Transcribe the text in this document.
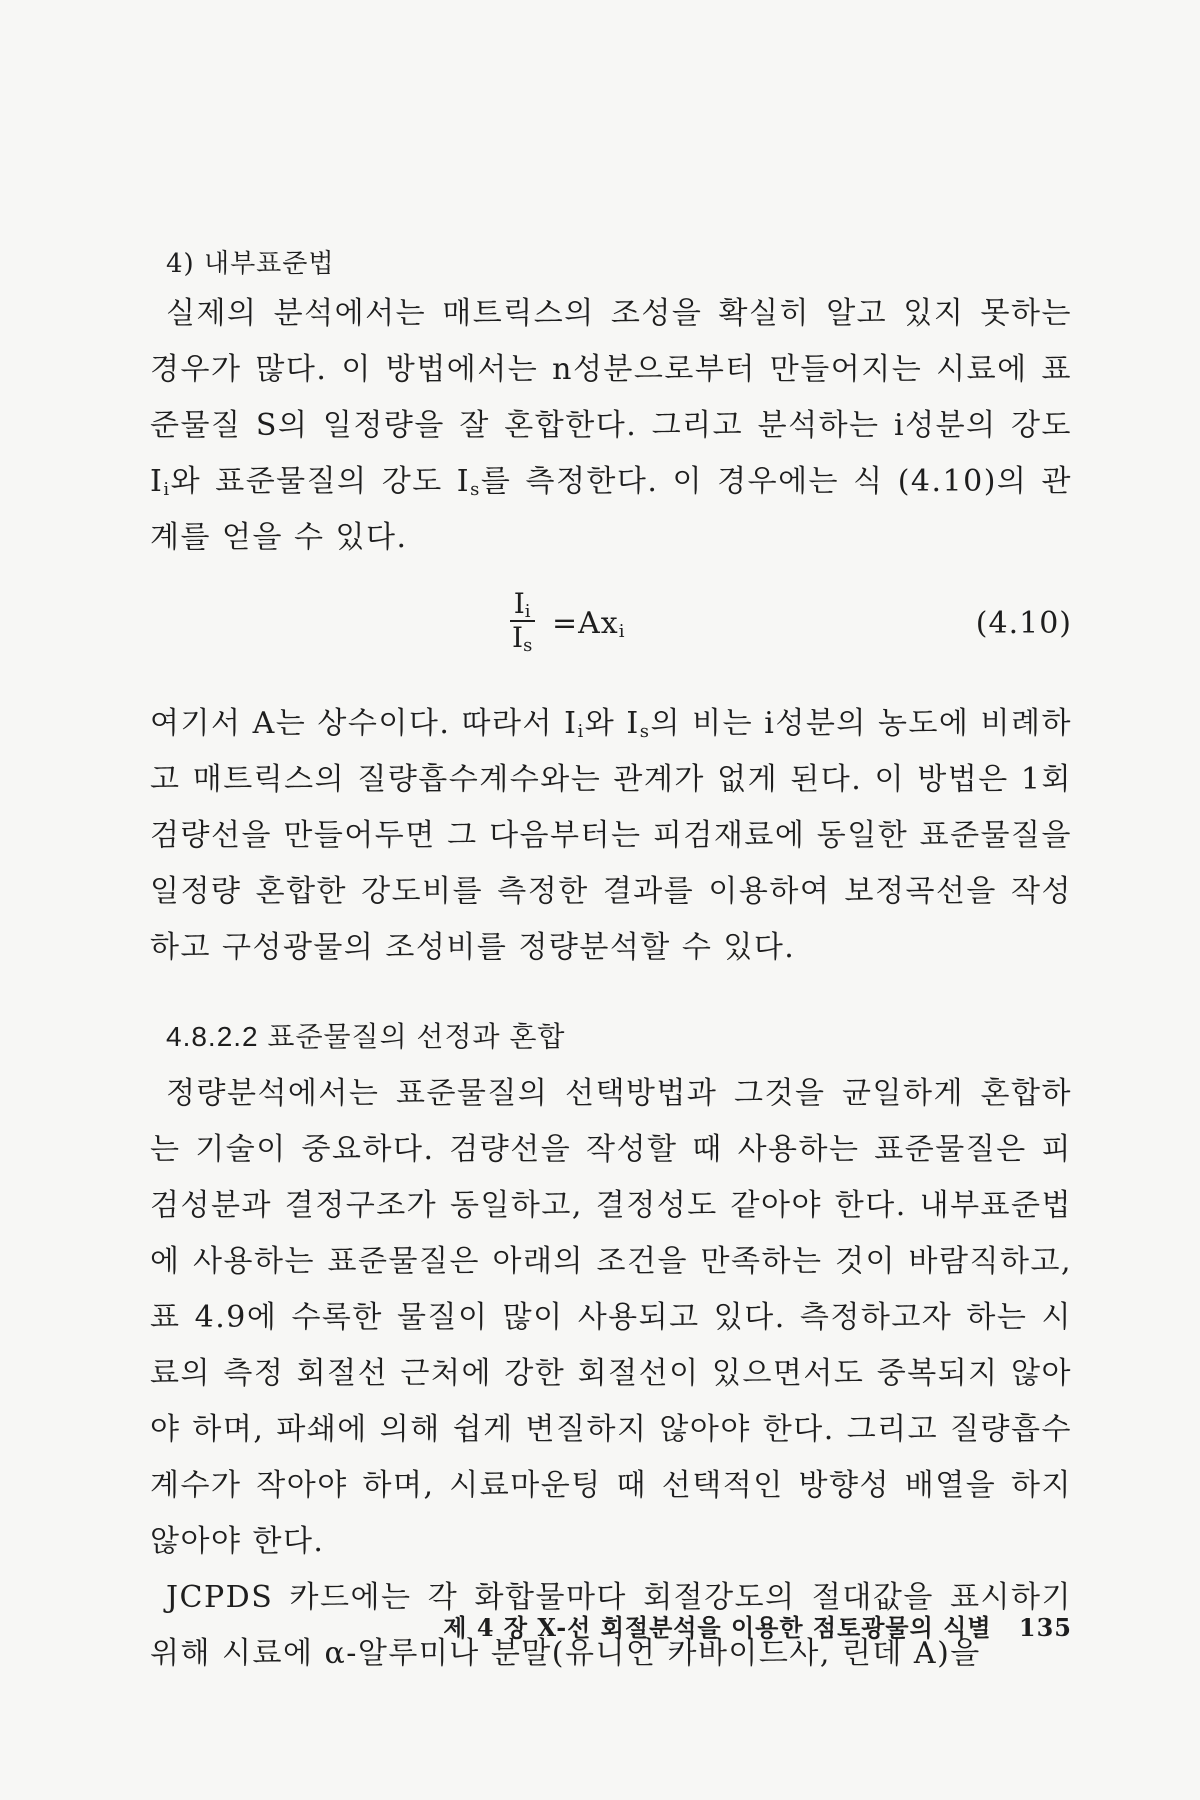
4) 내부표준법

실제의 분석에서는 매트릭스의 조성을 확실히 알고 있지 못하는 경우가 많다. 이 방법에서는 n성분으로부터 만들어지는 시료에 표준물질 S의 일정량을 잘 혼합한다. 그리고 분석하는 i성분의 강도 $I_i$와 표준물질의 강도 $I_s$를 측정한다. 이 경우에는 식 (4.10)의 관계를 얻을 수 있다.

$\frac{I_i}{I_s} =Ax_i$	(4.10)

여기서 A는 상수이다. 따라서 $I_i$와 $I_s$의 비는 i성분의 농도에 비례하고 매트릭스의 질량흡수계수와는 관계가 없게 된다. 이 방법은 1회 검량선을 만들어두면 그 다음부터는 피검재료에 동일한 표준물질을 일정량 혼합한 강도비를 측정한 결과를 이용하여 보정곡선을 작성하고 구성광물의 조성비를 정량분석할 수 있다.

4.8.2.2 표준물질의 선정과 혼합

정량분석에서는 표준물질의 선택방법과 그것을 균일하게 혼합하는 기술이 중요하다. 검량선을 작성할 때 사용하는 표준물질은 피검성분과 결정구조가 동일하고, 결정성도 같아야 한다. 내부표준법에 사용하는 표준물질은 아래의 조건을 만족하는 것이 바람직하고, 표 4.9에 수록한 물질이 많이 사용되고 있다. 측정하고자 하는 시료의 측정 회절선 근처에 강한 회절선이 있으면서도 중복되지 않아야 하며, 파쇄에 의해 쉽게 변질하지 않아야 한다. 그리고 질량흡수계수가 작아야 하며, 시료마운팅 때 선택적인 방향성 배열을 하지 않아야 한다.

JCPDS 카드에는 각 화합물마다 회절강도의 절대값을 표시하기 위해 시료에 α-알루미나 분말(유니언 카바이드사, 린데 A)을

제 4 장 X-선 회절분석을 이용한 점토광물의 식별 135
